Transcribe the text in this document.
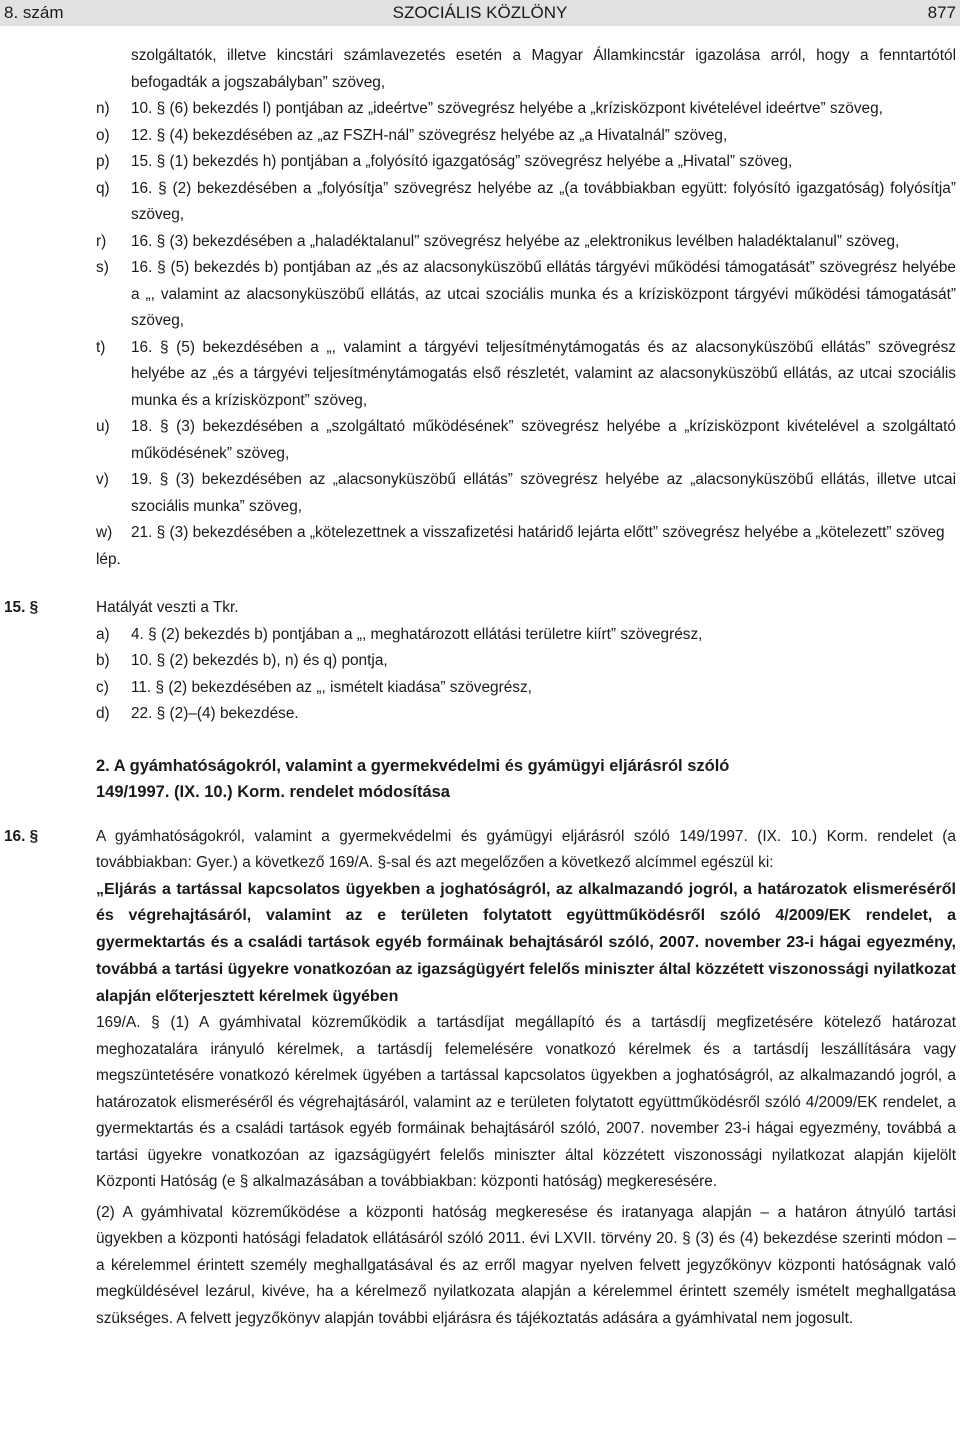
8. szám	SZOCIÁLIS KÖZLÖNY	877
szolgáltatók, illetve kincstári számlavezetés esetén a Magyar Államkincstár igazolása arról, hogy a fenntartótól befogadták a jogszabályban” szöveg,
n) 10. § (6) bekezdés l) pontjában az „ideértve” szövegrész helyébe a „krízisközpont kivételével ideértve” szöveg,
o) 12. § (4) bekezdésében az „az FSZH-nál” szövegrész helyébe az „a Hivatalnál” szöveg,
p) 15. § (1) bekezdés h) pontjában a „folyósító igazgatóság” szövegrész helyébe a „Hivatal” szöveg,
q) 16. § (2) bekezdésében a „folyósítja” szövegrész helyébe az „(a továbbiakban együtt: folyósító igazgatóság) folyósítja” szöveg,
r) 16. § (3) bekezdésében a „haladéktalanul” szövegrész helyébe az „elektronikus levélben haladéktalanul” szöveg,
s) 16. § (5) bekezdés b) pontjában az „és az alacsonyküszöbű ellátás tárgyévi működési támogatását” szövegrész helyébe a „, valamint az alacsonyküszöbű ellátás, az utcai szociális munka és a krízisközpont tárgyévi működési támogatását” szöveg,
t) 16. § (5) bekezdésében a „, valamint a tárgyévi teljesítménytámogatás és az alacsonyküszöbű ellátás” szövegrész helyébe az „és a tárgyévi teljesítménytámogatás első részletét, valamint az alacsonyküszöbű ellátás, az utcai szociális munka és a krízisközpont” szöveg,
u) 18. § (3) bekezdésében a „szolgáltató működésének” szövegrész helyébe a „krízisközpont kivételével a szolgáltató működésének” szöveg,
v) 19. § (3) bekezdésében az „alacsonyküszöbű ellátás” szövegrész helyébe az „alacsonyküszöbű ellátás, illetve utcai szociális munka” szöveg,
w) 21. § (3) bekezdésében a „kötelezettnek a visszafizetési határidő lejárta előtt” szövegrész helyébe a „kötelezett” szöveg
lép.
15. §	Hatályát veszti a Tkr.
a) 4. § (2) bekezdés b) pontjában a „, meghatározott ellátási területre kiírt” szövegrész,
b) 10. § (2) bekezdés b), n) és q) pontja,
c) 11. § (2) bekezdésében az „, ismételt kiadása” szövegrész,
d) 22. § (2)–(4) bekezdése.
2. A gyámhatóságokról, valamint a gyermekvédelmi és gyámügyi eljárásról szóló 149/1997. (IX. 10.) Korm. rendelet módosítása
16. §	A gyámhatóságokról, valamint a gyermekvédelmi és gyámügyi eljárásról szóló 149/1997. (IX. 10.) Korm. rendelet (a továbbiakban: Gyer.) a következő 169/A. §-sal és azt megelőzően a következő alcímmel egészül ki:
„Eljárás a tartással kapcsolatos ügyekben a joghatóságról, az alkalmazandó jogról, a határozatok elismeréséről és végrehajtásáról, valamint az e területen folytatott együttműködésről szóló 4/2009/EK rendelet, a gyermektartás és a családi tartások egyéb formáinak behajtásáról szóló, 2007. november 23-i hágai egyezmény, továbbá a tartási ügyekre vonatkozóan az igazságügyért felelős miniszter által közzétett viszonossági nyilatkozat alapján előterjesztett kérelmek ügyében
169/A. § (1) A gyámhivatal közreműködik a tartásdíjat megállapító és a tartásdíj megfizetésére kötelező határozat meghozatalára irányuló kérelmek, a tartásdíj felemelésére vonatkozó kérelmek és a tartásdíj leszállítására vagy megszüntetésére vonatkozó kérelmek ügyében a tartással kapcsolatos ügyekben a joghatóságról, az alkalmazandó jogról, a határozatok elismeréséről és végrehajtásáról, valamint az e területen folytatott együttműködésről szóló 4/2009/EK rendelet, a gyermektartás és a családi tartások egyéb formáinak behajtásáról szóló, 2007. november 23-i hágai egyezmény, továbbá a tartási ügyekre vonatkozóan az igazságügyért felelős miniszter által közzétett viszonossági nyilatkozat alapján kijelölt Központi Hatóság (e § alkalmazásában a továbbiakban: központi hatóság) megkeresésére.
(2) A gyámhivatal közreműködése a központi hatóság megkeresése és iratanyaga alapján – a határon átnyúló tartási ügyekben a központi hatósági feladatok ellátásáról szóló 2011. évi LXVII. törvény 20. § (3) és (4) bekezdése szerinti módon – a kérelemmel érintett személy meghallgatásával és az erről magyar nyelven felvett jegyzőkönyv központi hatóságnak való megküldésével lezárul, kivéve, ha a kérelmező nyilatkozata alapján a kérelemmel érintett személy ismételt meghallgatása szükséges. A felvett jegyzőkönyv alapján további eljárásra és tájékoztatás adására a gyámhivatal nem jogosult.
